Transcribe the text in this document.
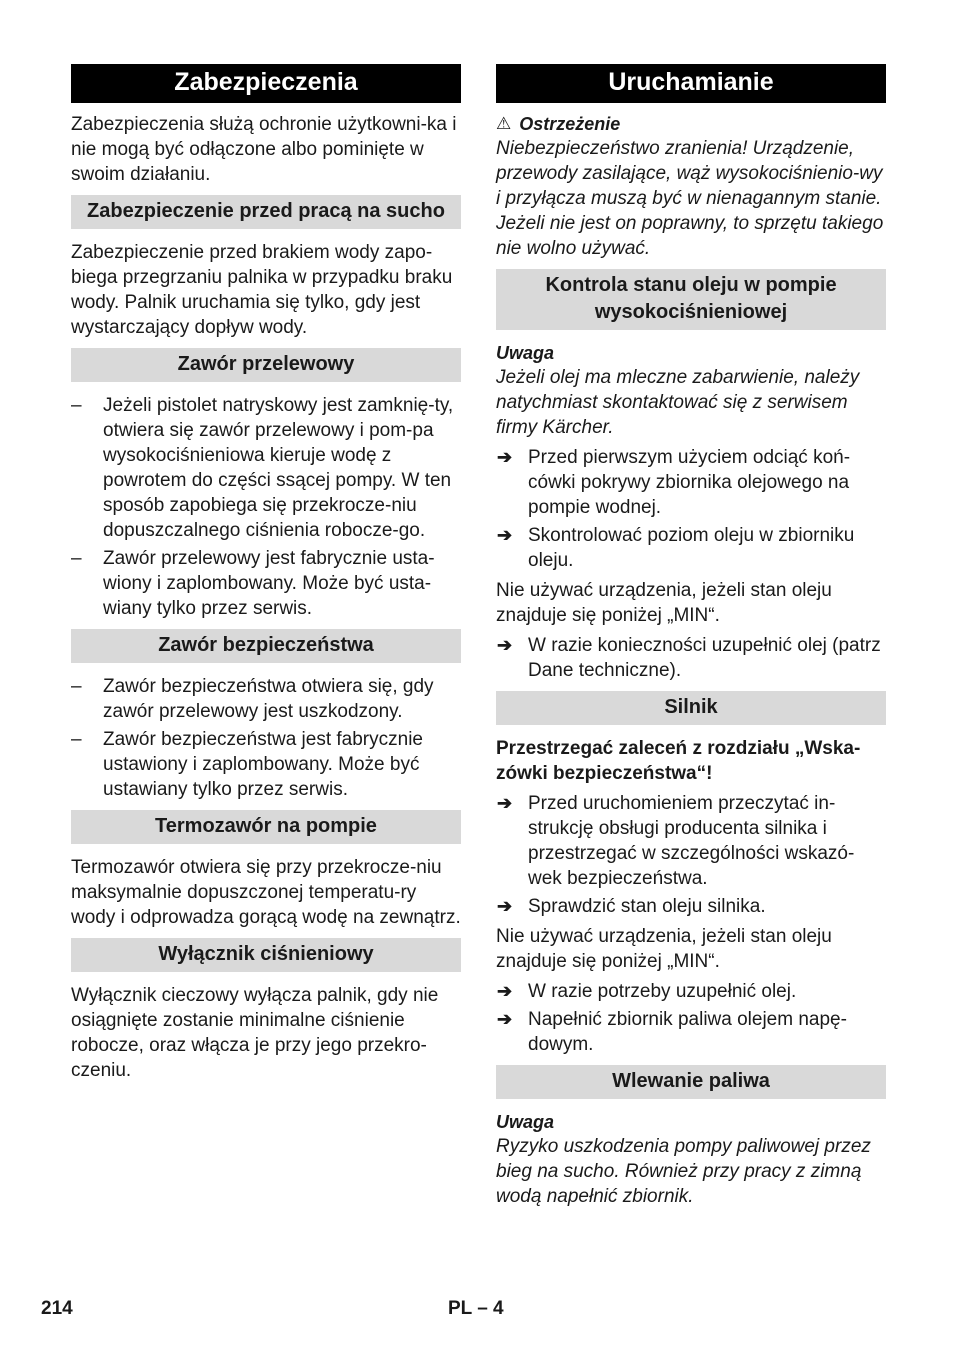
Zabezpieczenia

Zabezpieczenia służą ochronie użytkowni-ka i nie mogą być odłączone albo pominięte w swoim działaniu.

Zabezpieczenie przed pracą na sucho

Zabezpieczenie przed brakiem wody zapo-biega przegrzaniu palnika w przypadku braku wody. Palnik uruchamia się tylko, gdy jest wystarczający dopływ wody.

Zawór przelewowy
– Jeżeli pistolet natryskowy jest zamknię-ty, otwiera się zawór przelewowy i pom-pa wysokociśnieniowa kieruje wodę z powrotem do części ssącej pompy. W ten sposób zapobiega się przekrocze-niu dopuszczalnego ciśnienia robocze-go.
– Zawór przelewowy jest fabrycznie usta-wiony i zaplombowany. Może być usta-wiany tylko przez serwis.
Zawór bezpieczeństwa
– Zawór bezpieczeństwa otwiera się, gdy zawór przelewowy jest uszkodzony.
– Zawór bezpieczeństwa jest fabrycznie ustawiony i zaplombowany. Może być ustawiany tylko przez serwis.
Termozawór na pompie

Termozawór otwiera się przy przekrocze-niu maksymalnie dopuszczonej temperatu-ry wody i odprowadza gorącą wodę na zewnątrz.

Wyłącznik ciśnieniowy

Wyłącznik cieczowy wyłącza palnik, gdy nie osiągnięte zostanie minimalne ciśnienie robocze, oraz włącza je przy jego przekro-czeniu.

Uruchamianie
⚠ Ostrzeżenie

Niebezpieczeństwo zranienia! Urządzenie, przewody zasilające, wąż wysokociśnienio-wy i przyłącza muszą być w nienagannym stanie. Jeżeli nie jest on poprawny, to sprzętu takiego nie wolno używać.

Kontrola stanu oleju w pompie wysokociśnieniowej
Uwaga

Jeżeli olej ma mleczne zabarwienie, należy natychmiast skontaktować się z serwisem firmy Kärcher.

➔ Przed pierwszym użyciem odciąć koń-cówki pokrywy zbiornika olejowego na pompie wodnej.
➔ Skontrolować poziom oleju w zbiorniku oleju.

Nie używać urządzenia, jeżeli stan oleju znajduje się poniżej „MIN“.

➔ W razie konieczności uzupełnić olej (patrz Dane techniczne).
Silnik

Przestrzegać zaleceń z rozdziału „Wska-zówki bezpieczeństwa“!

➔ Przed uruchomieniem przeczytać in-strukcję obsługi producenta silnika i przestrzegać w szczególności wskazó-wek bezpieczeństwa.
➔ Sprawdzić stan oleju silnika.

Nie używać urządzenia, jeżeli stan oleju znajduje się poniżej „MIN“.

➔ W razie potrzeby uzupełnić olej.
➔ Napełnić zbiornik paliwa olejem napę-dowym.
Wlewanie paliwa
Uwaga

Ryzyko uszkodzenia pompy paliwowej przez bieg na sucho. Również przy pracy z zimną wodą napełnić zbiornik.

214	PL – 4
